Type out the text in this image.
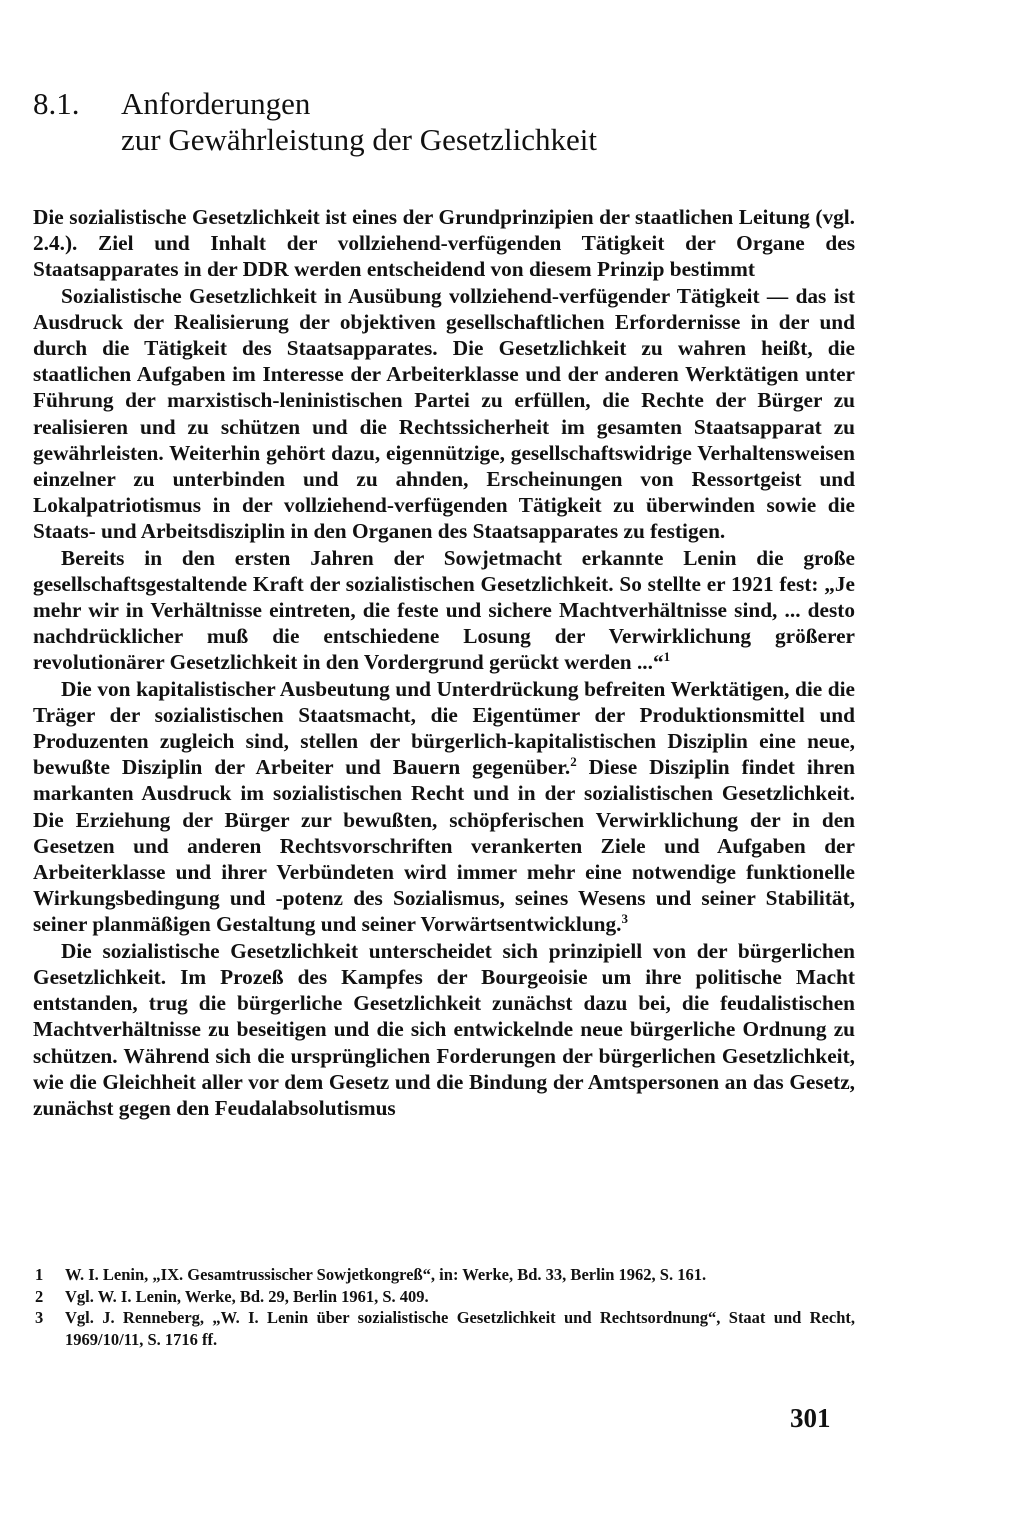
8.1. Anforderungen
zur Gewährleistung der Gesetzlichkeit

Die sozialistische Gesetzlichkeit ist eines der Grundprinzipien der staatlichen Leitung (vgl. 2.4.). Ziel und Inhalt der vollziehend-verfügenden Tätigkeit der Organe des Staatsapparates in der DDR werden entscheidend von diesem Prinzip bestimmt

Sozialistische Gesetzlichkeit in Ausübung vollziehend-verfügender Tätigkeit — das ist Ausdruck der Realisierung der objektiven gesellschaftlichen Erfordernisse in der und durch die Tätigkeit des Staatsapparates. Die Gesetzlichkeit zu wahren heißt, die staatlichen Aufgaben im Interesse der Arbeiterklasse und der anderen Werktätigen unter Führung der marxistisch-leninistischen Partei zu erfüllen, die Rechte der Bürger zu realisieren und zu schützen und die Rechtssicherheit im gesamten Staatsapparat zu gewährleisten. Weiterhin gehört dazu, eigennützige, gesellschaftswidrige Verhaltensweisen einzelner zu unterbinden und zu ahnden, Erscheinungen von Ressortgeist und Lokalpatriotismus in der vollziehend-verfügenden Tätigkeit zu überwinden sowie die Staats- und Arbeitsdisziplin in den Organen des Staatsapparates zu festigen.

Bereits in den ersten Jahren der Sowjetmacht erkannte Lenin die große gesellschaftsgestaltende Kraft der sozialistischen Gesetzlichkeit. So stellte er 1921 fest: „Je mehr wir in Verhältnisse eintreten, die feste und sichere Machtverhältnisse sind, ... desto nachdrücklicher muß die entschiedene Losung der Verwirklichung größerer revolutionärer Gesetzlichkeit in den Vordergrund gerückt werden ...“$^1$

Die von kapitalistischer Ausbeutung und Unterdrückung befreiten Werktätigen, die die Träger der sozialistischen Staatsmacht, die Eigentümer der Produktionsmittel und Produzenten zugleich sind, stellen der bürgerlich-kapitalistischen Disziplin eine neue, bewußte Disziplin der Arbeiter und Bauern gegenüber.$^2$ Diese Disziplin findet ihren markanten Ausdruck im sozialistischen Recht und in der sozialistischen Gesetzlichkeit. Die Erziehung der Bürger zur bewußten, schöpferischen Verwirklichung der in den Gesetzen und anderen Rechtsvorschriften verankerten Ziele und Aufgaben der Arbeiterklasse und ihrer Verbündeten wird immer mehr eine notwendige funktionelle Wirkungsbedingung und -potenz des Sozialismus, seines Wesens und seiner Stabilität, seiner planmäßigen Gestaltung und seiner Vorwärtsentwicklung.$^3$

Die sozialistische Gesetzlichkeit unterscheidet sich prinzipiell von der bürgerlichen Gesetzlichkeit. Im Prozeß des Kampfes der Bourgeoisie um ihre politische Macht entstanden, trug die bürgerliche Gesetzlichkeit zunächst dazu bei, die feudalistischen Machtverhältnisse zu beseitigen und die sich entwickelnde neue bürgerliche Ordnung zu schützen. Während sich die ursprünglichen Forderungen der bürgerlichen Gesetzlichkeit, wie die Gleichheit aller vor dem Gesetz und die Bindung der Amtspersonen an das Gesetz, zunächst gegen den Feudalabsolutismus

1 W. I. Lenin, „IX. Gesamtrussischer Sowjetkongreß“, in: Werke, Bd. 33, Berlin 1962, S. 161.

2 Vgl. W. I. Lenin, Werke, Bd. 29, Berlin 1961, S. 409.

3 Vgl. J. Renneberg, „W. I. Lenin über sozialistische Gesetzlichkeit und Rechtsordnung“, Staat und Recht, 1969/10/11, S. 1716 ff.

301
